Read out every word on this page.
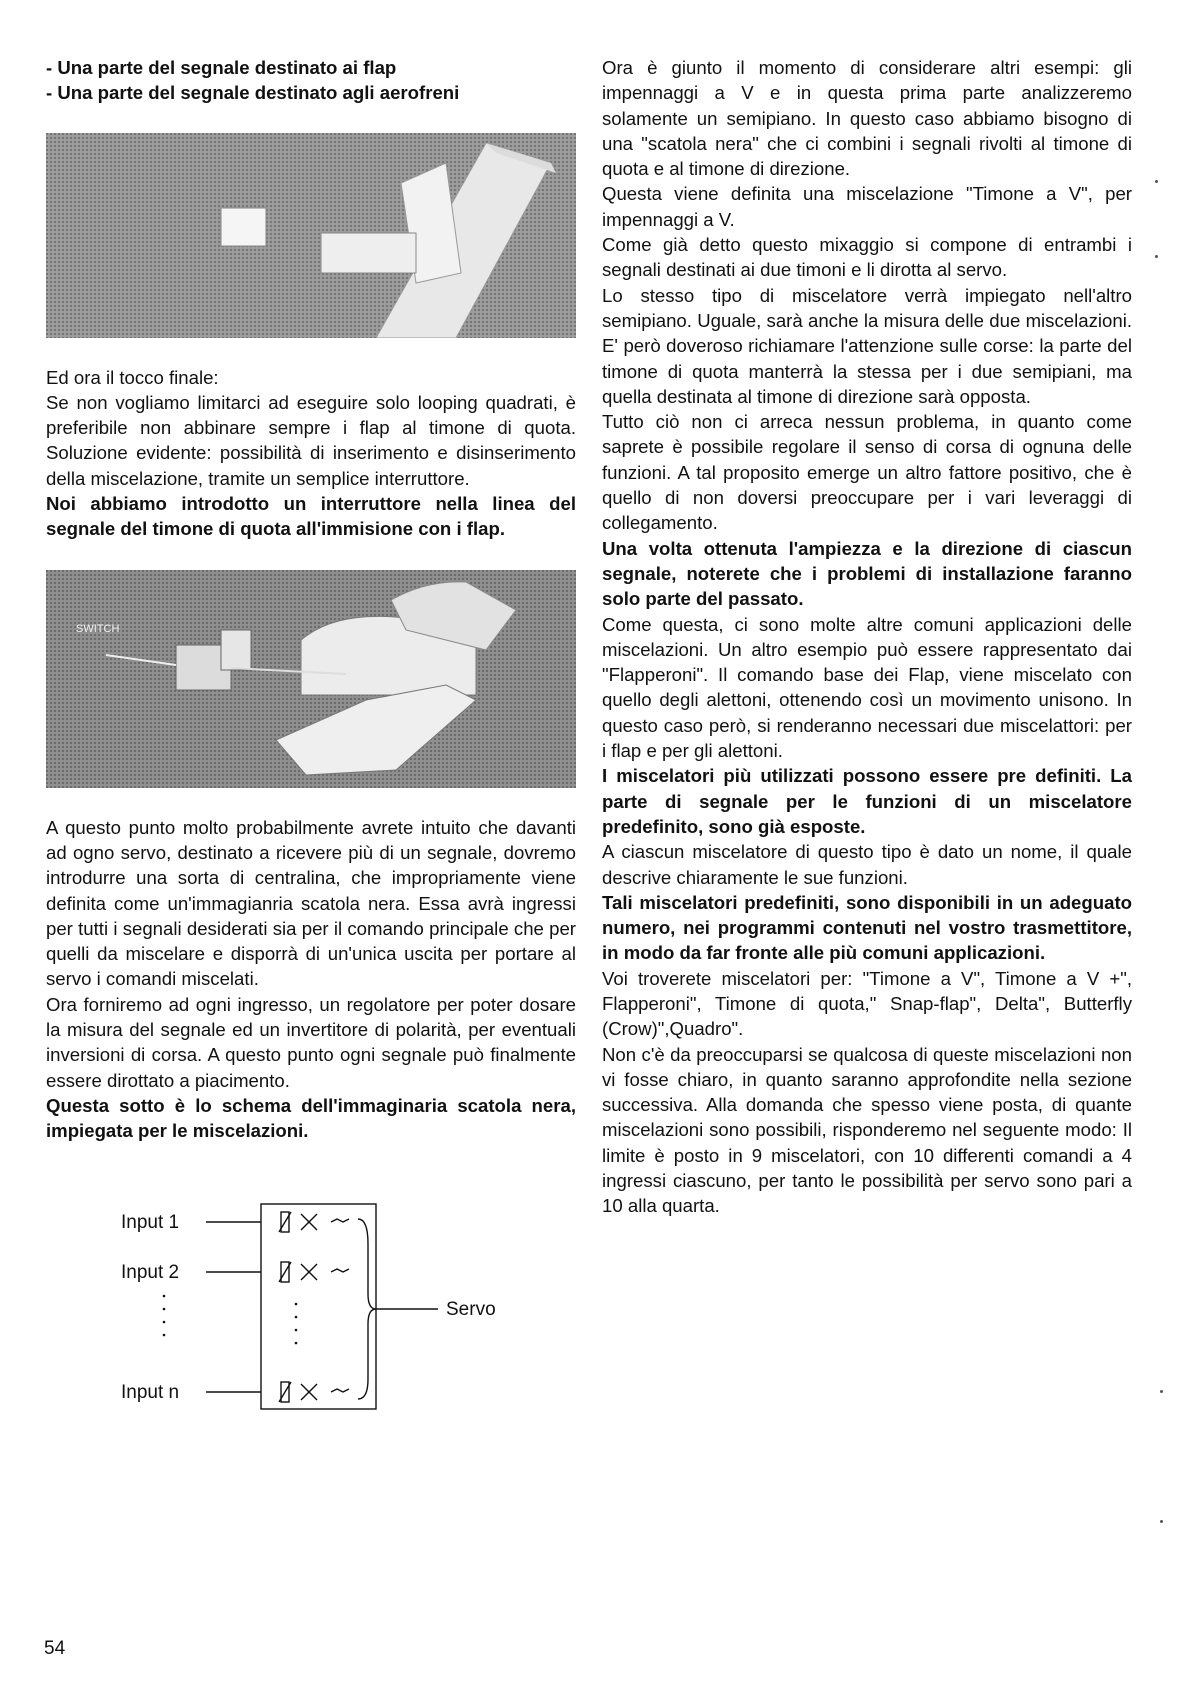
- Una parte del segnale destinato ai flap

- Una parte del segnale destinato agli aerofreni

Ed ora il tocco finale:

Se non vogliamo limitarci ad eseguire solo looping quadrati, è preferibile non abbinare sempre i flap al timone di quota. Soluzione evidente: possibilità di inserimento e disinserimento della miscelazione, tramite un semplice interruttore.

Noi abbiamo introdotto un interruttore nella linea del segnale del timone di quota all'immisione con i flap.

SWITCH

A questo punto molto probabilmente avrete intuito che davanti ad ogno servo, destinato a ricevere più di un segnale, dovremo introdurre una sorta di centralina, che impropriamente viene definita come un'immagianria scatola nera. Essa avrà ingressi per tutti i segnali desiderati sia per il comando principale che per quelli da miscelare e disporrà di un'unica uscita per portare al servo i comandi miscelati.

Ora forniremo ad ogni ingresso, un regolatore per poter dosare la misura del segnale ed un invertitore di polarità, per eventuali inversioni di corsa. A questo punto ogni segnale può finalmente essere dirottato a piacimento.

Questa sotto è lo schema dell'immaginaria scatola nera, impiegata per le miscelazioni.

Input 1
Input 2
Input n
Servo

Ora è giunto il momento di considerare altri esempi: gli impennaggi a V e in questa prima parte analizzeremo solamente un semipiano. In questo caso abbiamo bisogno di una "scatola nera" che ci combini i segnali rivolti al timone di quota e al timone di direzione.

Questa viene definita una miscelazione "Timone a V", per impennaggi a V.

Come già detto questo mixaggio si compone di entrambi i segnali destinati ai due timoni e li dirotta al servo.

Lo stesso tipo di miscelatore verrà impiegato nell'altro semipiano. Uguale, sarà anche la misura delle due miscelazioni. E' però doveroso richiamare l'attenzione sulle corse: la parte del timone di quota manterrà la stessa per i due semipiani, ma quella destinata al timone di direzione sarà opposta.

Tutto ciò non ci arreca nessun problema, in quanto come saprete è possibile regolare il senso di corsa di ognuna delle funzioni. A tal proposito emerge un altro fattore positivo, che è quello di non doversi preoccupare per i vari leveraggi di collegamento.

Una volta ottenuta l'ampiezza e la direzione di ciascun segnale, noterete che i problemi di installazione faranno solo parte del passato.

Come questa, ci sono molte altre comuni applicazioni delle miscelazioni. Un altro esempio può essere rappresentato dai "Flapperoni". Il comando base dei Flap, viene miscelato con quello degli alettoni, ottenendo così un movimento unisono. In questo caso però, si renderanno necessari due miscelattori: per i flap e per gli alettoni.

I miscelatori più utilizzati possono essere pre definiti. La parte di segnale per le funzioni di un miscelatore predefinito, sono già esposte.

A ciascun miscelatore di questo tipo è dato un nome, il quale descrive chiaramente le sue funzioni.

Tali miscelatori predefiniti, sono disponibili in un adeguato numero, nei programmi contenuti nel vostro trasmettitore, in modo da far fronte alle più comuni applicazioni.

Voi troverete miscelatori per: "Timone a V", Timone a V +", Flapperoni", Timone di quota," Snap-flap", Delta", Butterfly (Crow)",Quadro".

Non c'è da preoccuparsi se qualcosa di queste miscelazioni non vi fosse chiaro, in quanto saranno approfondite nella sezione successiva. Alla domanda che spesso viene posta, di quante miscelazioni sono possibili, risponderemo nel seguente modo: Il limite è posto in 9 miscelatori, con 10 differenti comandi a 4 ingressi ciascuno, per tanto le possibilità per servo sono pari a 10 alla quarta.

54
